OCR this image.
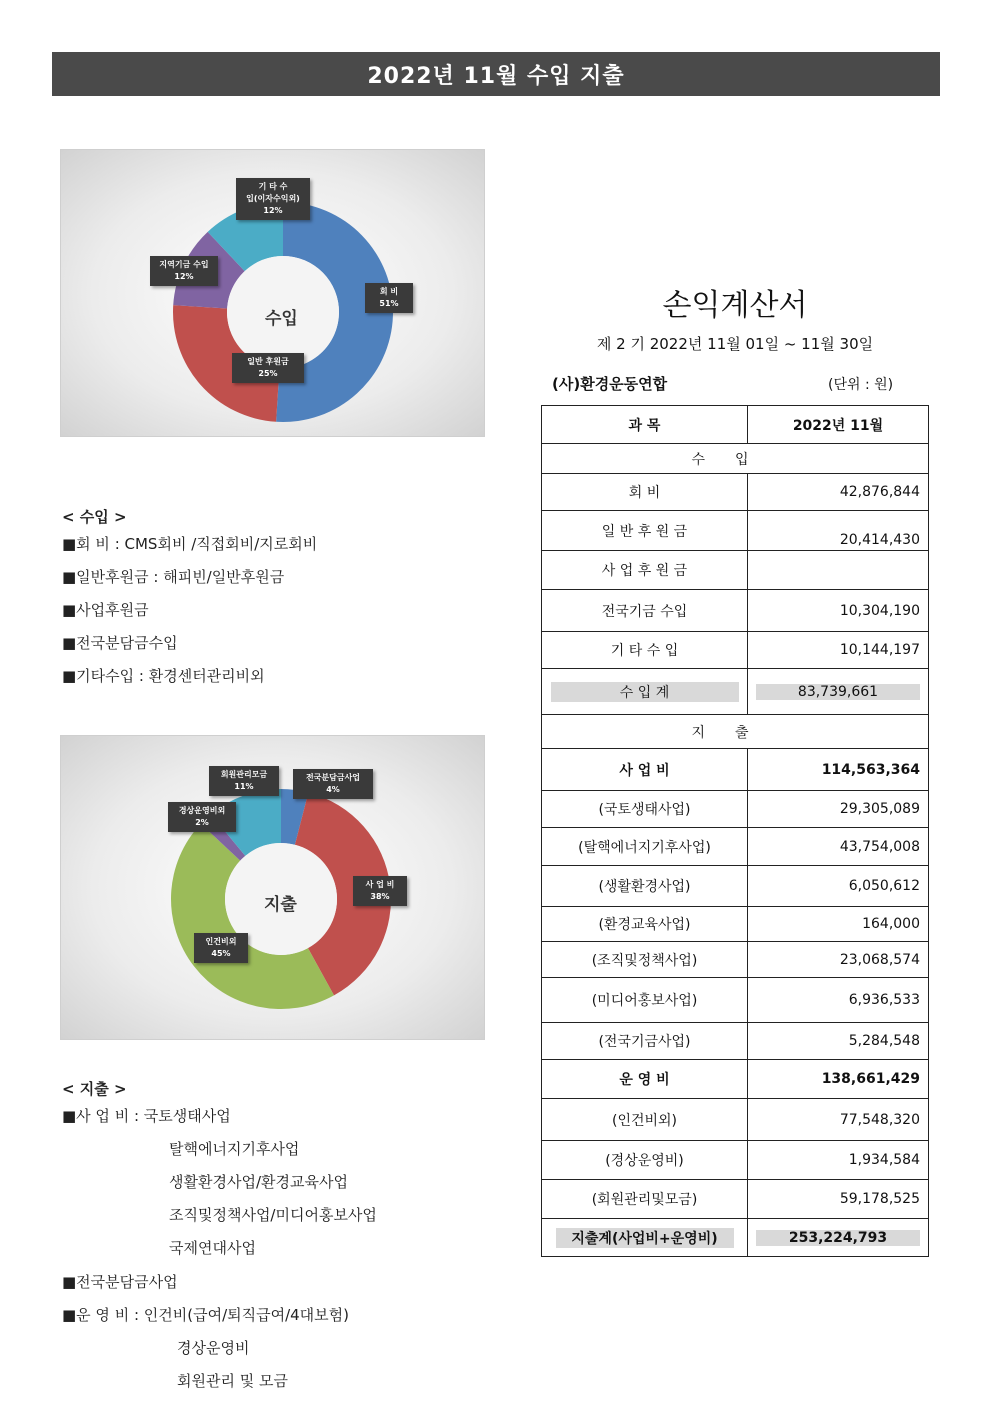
2022년 11월 수입 지출
수입
기 타 수
입(이자수익외)
12%
지역기금 수입
12%
회 비
51%
일반 후원금
25%
< 수입 >
■회 비 : CMS회비 /직접회비/지로회비
■일반후원금 : 해피빈/일반후원금
■사업후원금
■전국분담금수입
■기타수입 : 환경센터관리비외
지출
회원관리모금
11%
전국분담금사업
4%
경상운영비외
2%
사 업 비
38%
인건비외
45%
< 지출 >
■사 업 비 : 국토생태사업
탈핵에너지기후사업
생활환경사업/환경교육사업
조직및정책사업/미디어홍보사업
국제연대사업
■전국분담금사업
■운 영 비 : 인건비(급여/퇴직급여/4대보험)
경상운영비
회원관리 및 모금
손익계산서
제 2 기 2022년 11월 01일 ~ 11월 30일
(사)환경운동연합	(단위 : 원)
과 목	2022년 11월
수입	
회 비	42,876,844
일 반 후 원 금	20,414,430
사 업 후 원 금	
전국기금 수입	10,304,190
기 타 수 입	10,144,197
수 입 계	83,739,661
지출	
사 업 비	114,563,364
(국토생태사업)	29,305,089
(탈핵에너지기후사업)	43,754,008
(생활환경사업)	6,050,612
(환경교육사업)	164,000
(조직및정책사업)	23,068,574
(미디어홍보사업)	6,936,533
(전국기금사업)	5,284,548
운 영 비	138,661,429
(인건비외)	77,548,320
(경상운영비)	1,934,584
(회원관리및모금)	59,178,525
지출계(사업비+운영비)	253,224,793
